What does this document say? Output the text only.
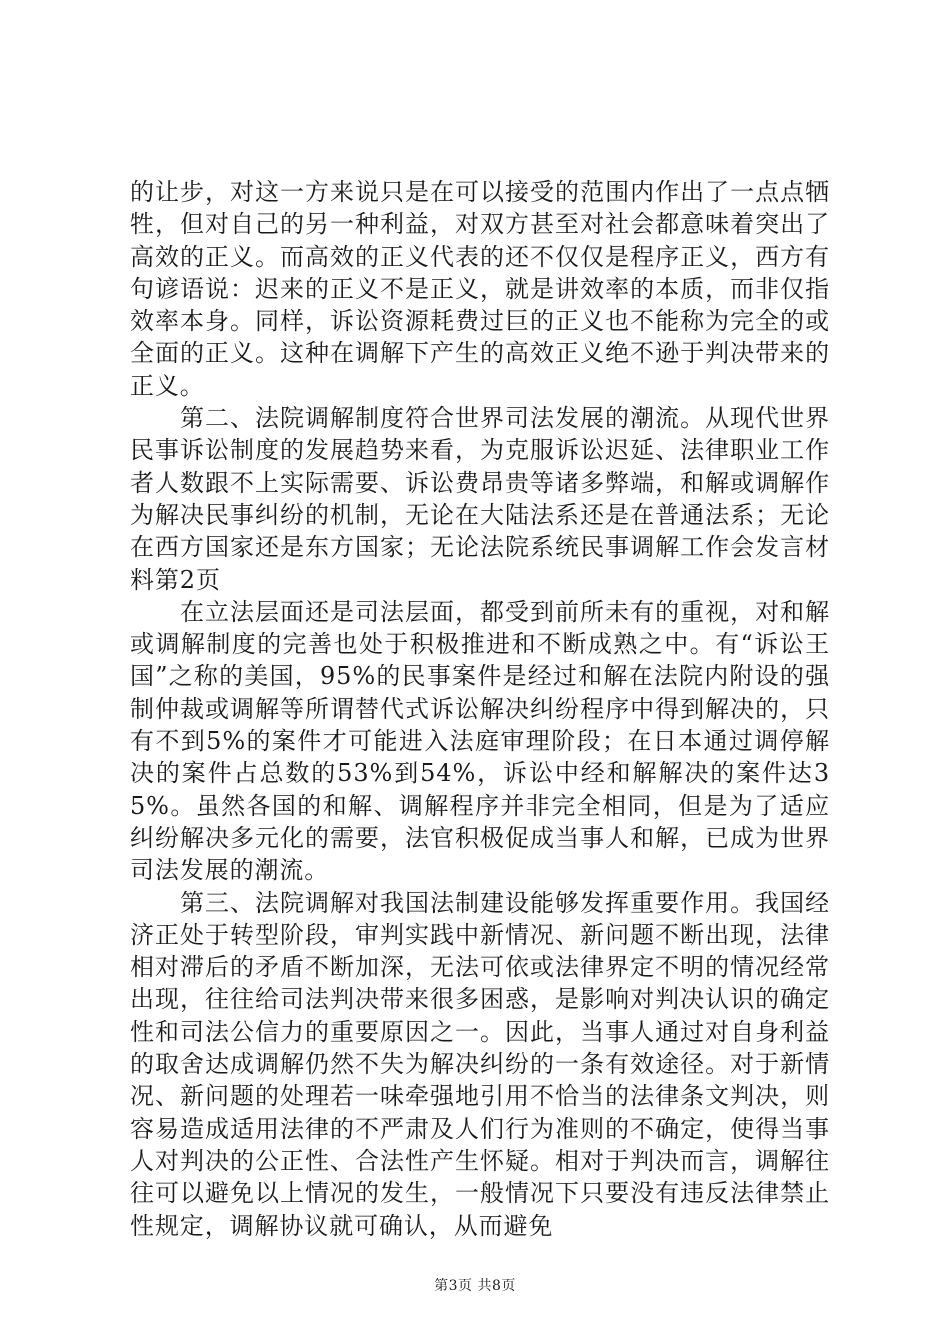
的让步，对这一方来说只是在可以接受的范围内作出了一点点牺牲，但对自己的另一种利益，对双方甚至对社会都意味着突出了高效的正义。而高效的正义代表的还不仅仅是程序正义，西方有句谚语说：迟来的正义不是正义，就是讲效率的本质，而非仅指效率本身。同样，诉讼资源耗费过巨的正义也不能称为完全的或全面的正义。这种在调解下产生的高效正义绝不逊于判决带来的正义。

第二、法院调解制度符合世界司法发展的潮流。从现代世界民事诉讼制度的发展趋势来看，为克服诉讼迟延、法律职业工作者人数跟不上实际需要、诉讼费昂贵等诸多弊端，和解或调解作为解决民事纠纷的机制，无论在大陆法系还是在普通法系；无论在西方国家还是东方国家；无论法院系统民事调解工作会发言材料第2页

在立法层面还是司法层面，都受到前所未有的重视，对和解或调解制度的完善也处于积极推进和不断成熟之中。有“诉讼王国”之称的美国，95%的民事案件是经过和解在法院内附设的强制仲裁或调解等所谓替代式诉讼解决纠纷程序中得到解决的，只有不到5%的案件才可能进入法庭审理阶段；在日本通过调停解决的案件占总数的53%到54%，诉讼中经和解解决的案件达35%。虽然各国的和解、调解程序并非完全相同，但是为了适应纠纷解决多元化的需要，法官积极促成当事人和解，已成为世界司法发展的潮流。

第三、法院调解对我国法制建设能够发挥重要作用。我国经济正处于转型阶段，审判实践中新情况、新问题不断出现，法律相对滞后的矛盾不断加深，无法可依或法律界定不明的情况经常出现，往往给司法判决带来很多困惑，是影响对判决认识的确定性和司法公信力的重要原因之一。因此，当事人通过对自身利益的取舍达成调解仍然不失为解决纠纷的一条有效途径。对于新情况、新问题的处理若一味牵强地引用不恰当的法律条文判决，则容易造成适用法律的不严肃及人们行为准则的不确定，使得当事人对判决的公正性、合法性产生怀疑。相对于判决而言，调解往往可以避免以上情况的发生，一般情况下只要没有违反法律禁止性规定，调解协议就可确认，从而避免

第3页 共8页
